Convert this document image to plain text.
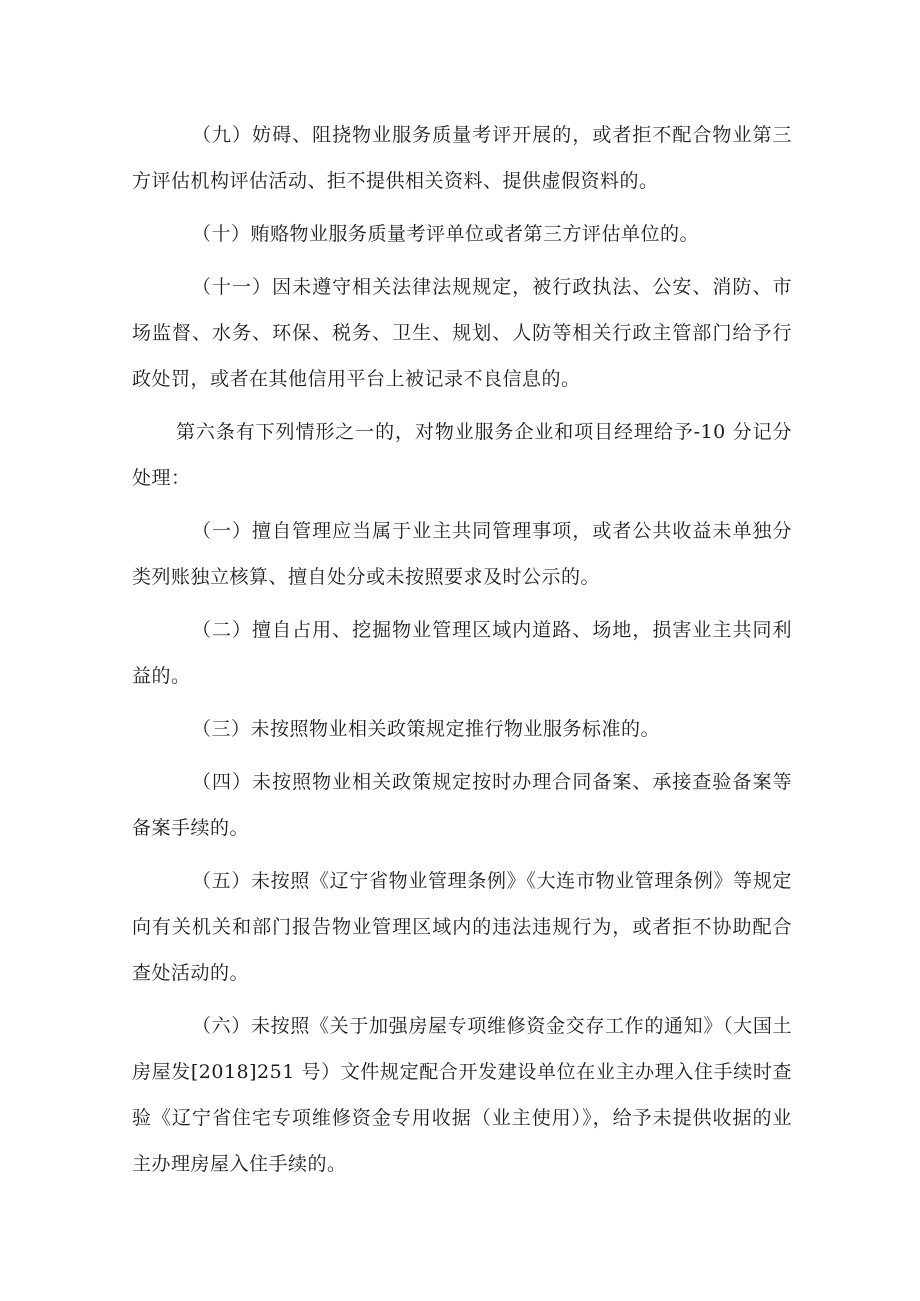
（九）妨碍、阻挠物业服务质量考评开展的，或者拒不配合物业第三方评估机构评估活动、拒不提供相关资料、提供虚假资料的。

（十）贿赂物业服务质量考评单位或者第三方评估单位的。

（十一）因未遵守相关法律法规规定，被行政执法、公安、消防、市场监督、水务、环保、税务、卫生、规划、人防等相关行政主管部门给予行政处罚，或者在其他信用平台上被记录不良信息的。

第六条有下列情形之一的，对物业服务企业和项目经理给予-10 分记分处理：

（一）擅自管理应当属于业主共同管理事项，或者公共收益未单独分类列账独立核算、擅自处分或未按照要求及时公示的。

（二）擅自占用、挖掘物业管理区域内道路、场地，损害业主共同利益的。

（三）未按照物业相关政策规定推行物业服务标准的。

（四）未按照物业相关政策规定按时办理合同备案、承接查验备案等备案手续的。

（五）未按照《辽宁省物业管理条例》《大连市物业管理条例》等规定向有关机关和部门报告物业管理区域内的违法违规行为，或者拒不协助配合查处活动的。

（六）未按照《关于加强房屋专项维修资金交存工作的通知》（大国土房屋发[2018]251 号）文件规定配合开发建设单位在业主办理入住手续时查验《辽宁省住宅专项维修资金专用收据（业主使用）》，给予未提供收据的业主办理房屋入住手续的。
